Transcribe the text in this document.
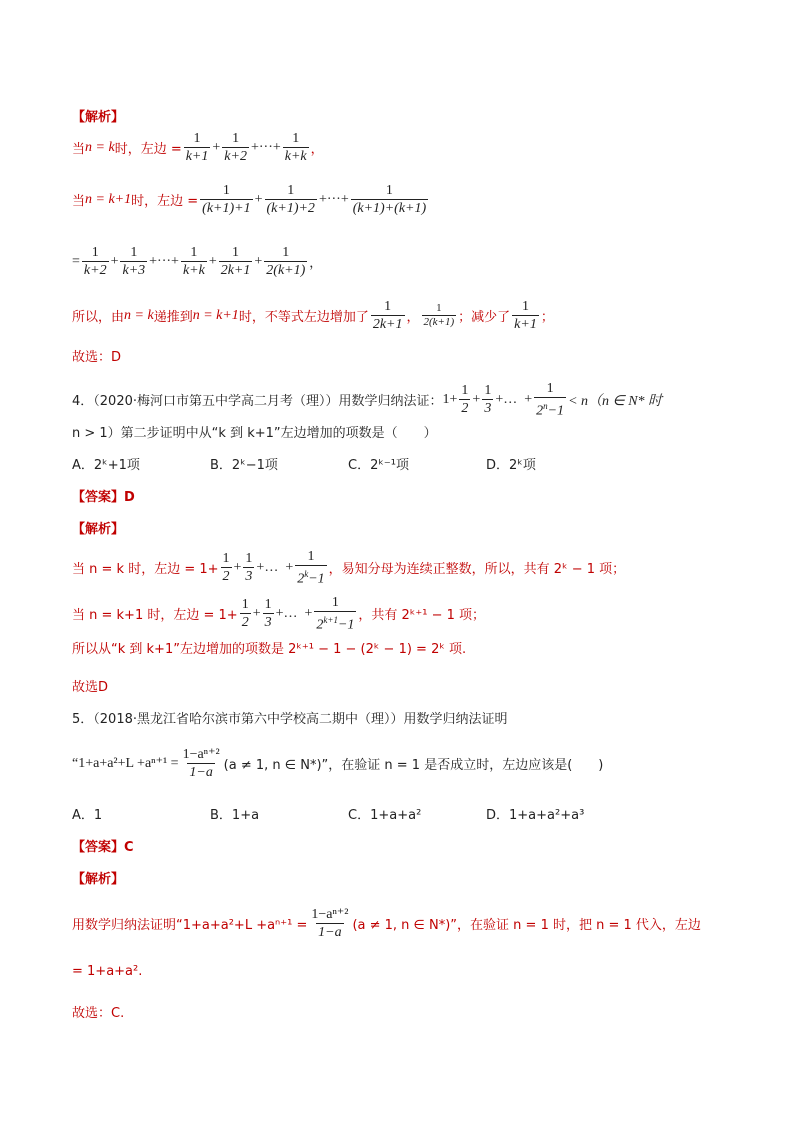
【解析】
当 n = k 时，左边 = $\frac{1}{k+1} + \frac{1}{k+2}$ +···+ $\frac{1}{k+k}$ ，
当 n = k+1 时，左边 = $\frac{1}{(k+1)+1} + \frac{1}{(k+1)+2}$ +···+ $\frac{1}{(k+1)+(k+1)}$
= $\frac{1}{k+2} + \frac{1}{k+3}$ +···+ $\frac{1}{k+k} + \frac{1}{2k+1} + \frac{1}{2(k+1)}$ ，
所以，由 n = k 递推到 n = k+1 时，不等式左边增加了 $\frac{1}{2k+1}$ ， $\frac{1}{2(k+1)}$ ；减少了 $\frac{1}{k+1}$ ；
故选：D
4．（2020·梅河口市第五中学高二月考（理））用数学归纳法证： $1+ \frac{1}{2} + \frac{1}{3}$ +…  + $\frac{1}{2^n-1} < n(n$ ∈ N* 时
n > 1）第二步证明中从“k 到 k+1”左边增加的项数是（　　）
A．2ᵏ+1项	B．2ᵏ−1项	C．2ᵏ⁻¹项	D．2ᵏ项
【答案】D
【解析】
当 n = k 时，左边 = $1+ \frac{1}{2} + \frac{1}{3}$ +…  + $\frac{1}{2^k-1}$ ，易知分母为连续正整数，所以，共有 2ᵏ − 1 项；
当 n = k+1 时，左边 = $1+ \frac{1}{2} + \frac{1}{3}$ +…  + $\frac{1}{2^{k+1}-1}$ ，共有 2ᵏ⁺¹ − 1 项；
所以从“k 到 k+1”左边增加的项数是 2ᵏ⁺¹ − 1 − (2ᵏ − 1) = 2ᵏ 项.
故选D
5．（2018·黑龙江省哈尔滨市第六中学校高二期中（理））用数学归纳法证明
“$1+a+a^2+L +a^{n+1} = \frac{\text{1−aⁿ⁺²}}{1-a} (a \ne 1$, n ∈ N*)”，在验证 n = 1 是否成立时，左边应该是(　　)
A．1	B．1+a	C．1+a+a²	D．1+a+a²+a³
【答案】C
【解析】
用数学归纳法证明“$1+a+a^2+L +a^{n+1} = \frac{\text{1−aⁿ⁺²}}{1-a} (a \ne 1$, n ∈ N*)”，在验证 n = 1 时，把 n = 1 代入，左边
= 1+a+a².
故选：C.
